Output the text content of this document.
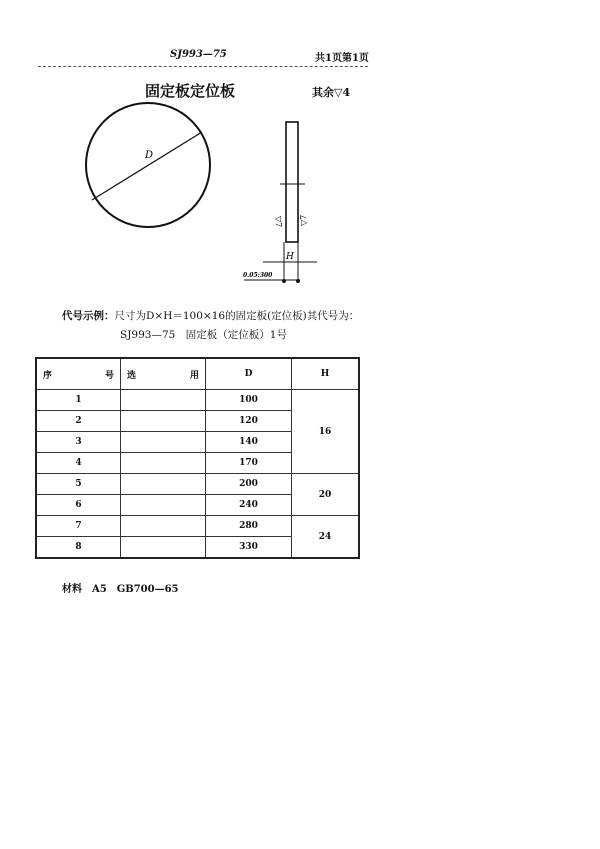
SJ993—75	共1页第1页
固定板定位板	其余▽4
D
H
0.05:300
▽7 ▽7
代号示例：尺寸为D×H＝100×16的固定板(定位板)其代号为：
SJ993—75　固定板（定位板）1号
序 号	选 用	D	H
1		100	16
2		120	
3		140	
4		170	
5		200	20
6		240	
7		280	24
8		330	
材料　A5　GB700—65
